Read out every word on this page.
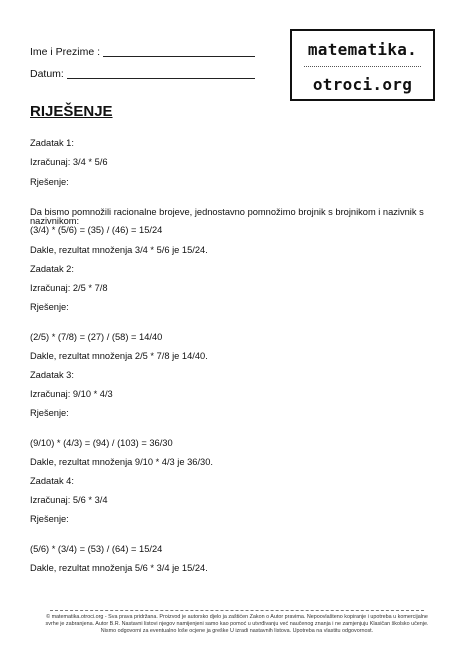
Ime i Prezime :
Datum:
matematika.
otroci.org
RIJEŠENJE
Zadatak 1:
Izračunaj: 3/4 * 5/6
Rješenje:
Da bismo pomnožili racionalne brojeve, jednostavno pomnožimo brojnik s brojnikom i nazivnik s
nazivnikom:
(3/4) * (5/6) = (35) / (46) = 15/24
Dakle, rezultat množenja 3/4 * 5/6 je 15/24.
Zadatak 2:
Izračunaj: 2/5 * 7/8
Rješenje:
(2/5) * (7/8) = (27) / (58) = 14/40
Dakle, rezultat množenja 2/5 * 7/8 je 14/40.
Zadatak 3:
Izračunaj: 9/10 * 4/3
Rješenje:
(9/10) * (4/3) = (94) / (103) = 36/30
Dakle, rezultat množenja 9/10 * 4/3 je 36/30.
Zadatak 4:
Izračunaj: 5/6 * 3/4
Rješenje:
(5/6) * (3/4) = (53) / (64) = 15/24
Dakle, rezultat množenja 5/6 * 3/4 je 15/24.
© matematika.otroci.org - Sva prava pridržana. Proizvod je autorsko djelo ja zaštićen Zakon o Autor pravima. Nepoovlašteno kopiranje i upotreba u komercijalne
svrhe je zabranjena. Autor B.R. Nastavni listovi njegov namijenjeni samo kao pomoć u utvrđivanju već naučenog znanja i ne zamjenjuju Klasičan školsko učenje.
Nismo odgovorni za eventualno loše ocjene ja greške U izradi nastavnih listova. Upotreba na vlastitu odgovornost.
